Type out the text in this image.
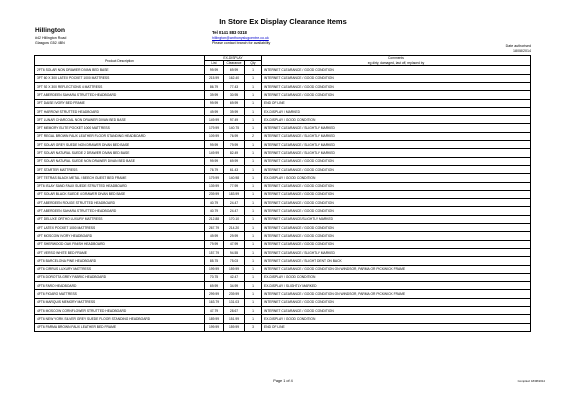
In Store Ex Display Clearance Items
Hillington
#42 Hillington Road
Glasgow G52 4BN
Tel 0141 883 0318
hillington@anthonyslugcentre.co.uk
Please contact branch for availability
Date authorised
18/08/2014
Product Description	EX-DISPLAY			Comments
	List	Clearance	Qty	eg dirty, damaged, last off, replaced by
2FT6 SOLAR NON DRAWER DIVAN BED BASE	99.99	69.99	1	INTERNET CLEARANCE / GOOD CONDITION
3FT 60 X 300 LATEX POCKET 1000 MATTRESS	215.99	162.40	1	INTERNET CLEARANCE / GOOD CONDITION
3FT 92 X 300 REFLECTIONS 4 MATTRESS	86.79	77.43	1	INTERNET CLEARANCE / GOOD CONDITION
3FT ABERDEEN SAHARA STRUTTED HEADBOARD	39.99	30.95	1	INTERNET CLEARANCE / GOOD CONDITION
3FT DAISE IVORY BED FRAME	99.99	69.99	1	END OF LINE
3FT HARROW STRUTTED HEADBOARD	49.99	39.99	1	EX-DISPLAY / MARKED
3FT LUNAR CHARCOAL NON DRAWER DIVAN BED BASE	149.99	97.49	1	EX-DISPLAY / GOOD CONDITION
3FT MEMORY ELITE POCKET 1000 MATTRESS	179.99	140.75	1	INTERNET CLEARANCE / SLIGHTLY MARKED
3FT REGAL BROWN FAUX LEATHER FLOOR STANDING HEADBOARD	109.99	76.99	2	INTERNET CLEARANCE / SLIGHTLY MARKED
3FT SOLAR GREY SUEDE NON DRAWER DIVAN BED BASE	99.99	79.99	1	INTERNET CLEARANCE / SLIGHTLY MARKED
3FT SOLAR NATURAL SUEDE 2 DRAWER DIVAN BED BASE	149.99	82.49	1	INTERNET CLEARANCE / SLIGHTLY MARKED
3FT SOLAR NATURAL SUEDE NON DRAWER DIVAN BED BASE	99.99	69.99	1	INTERNET CLEARANCE / GOOD CONDITION
3FT STARTER MATTRESS	76.79	61.43	1	INTERNET CLEARANCE / GOOD CONDITION
3FT TETRAS BLACK METAL / BEECH GUEST BED FRAME	179.99	140.98	1	EX-DISPLAY / GOOD CONDITION
3FT6 ISLAY SAND FAUX SUEDE STRUTTED HEADBOARD	139.99	77.99	1	INTERNET CLEARANCE / GOOD CONDITION
4FT SOLAR BLACK SUEDE 4 DRAWER DIVAN BED BASE	239.99	183.99	1	INTERNET CLEARANCE / GOOD CONDITION
4FT ABERDEEN ROUGE STRUTTED HEADBOARD	40.79	24.47	1	INTERNET CLEARANCE / GOOD CONDITION
4FT ABERDEEN SAHARA STRUTTED HEADBOARD	40.79	24.47	1	INTERNET CLEARANCE / GOOD CONDITION
4FT DELUXE ORTHO LUXURY MATTRESS	212.88	170.10	1	INTERNET CLEARANCE/SLIGHTLY MARKED
4FT LATEX POCKET 1000 MATTRESS	267.79	214.20	1	INTERNET CLEARANCE / GOOD CONDITION
4FT MOSCOW IVORY HEADBOARD	49.99	29.99	1	INTERNET CLEARANCE / GOOD CONDITION
4FT SHERWOOD OAK FINISH HEADBOARD	79.99	47.99	1	INTERNET CLEARANCE / GOOD CONDITION
4FT VERSO WHITE BED FRAME	157.79	94.55	1	INTERNET CLEARANCE / SLIGHTLY MARKED
4FT6 BARCELONA PINE HEADBOARD	85.75	75.03	1	INTERNET CLEARANCE / SLIGHT DENT ON BACK
4FT6 CIRRUS LUXURY MATTRESS	199.99	159.99	1	INTERNET CLEARANCE / GOOD CONDITION ON WINDSOR, PARMA OR PICKWICK FRAME
4FT6 DOROTTA GREY FABRIC HEADBOARD	70.75	42.47	1	EX-DISPLAY / GOOD CONDITION
4FT6 FARO HEADBOARD	69.99	34.99	1	EX-DISPLAY / SLIGHTLY MARKED
4FT6 FIGARO MATTRESS	299.99	239.99	1	INTERNET CLEARANCE / GOOD CONDITION ON WINDSOR, PARMA OR PICKWICK FRAME
4FT6 MARQUIS MEMORY MATTRESS	163.79	131.03	1	INTERNET CLEARANCE / GOOD CONDITION
4FT6 MOSCOW CORNFLOWER STRUTTED HEADBOARD	47.79	28.67	1	INTERNET CLEARANCE / GOOD CONDITION
4FT6 NEW YORK SILVER GREY SUEDE FLOOR STANDING HEADBOARD	189.99	151.99	1	EX-DISPLAY / GOOD CONDITION
4FT6 PARMA BROWN FAUX LEATHER BED FRAME	199.99	159.99	3	END OF LINE
Page 1 of 4	Compiled: 18/08/2014
